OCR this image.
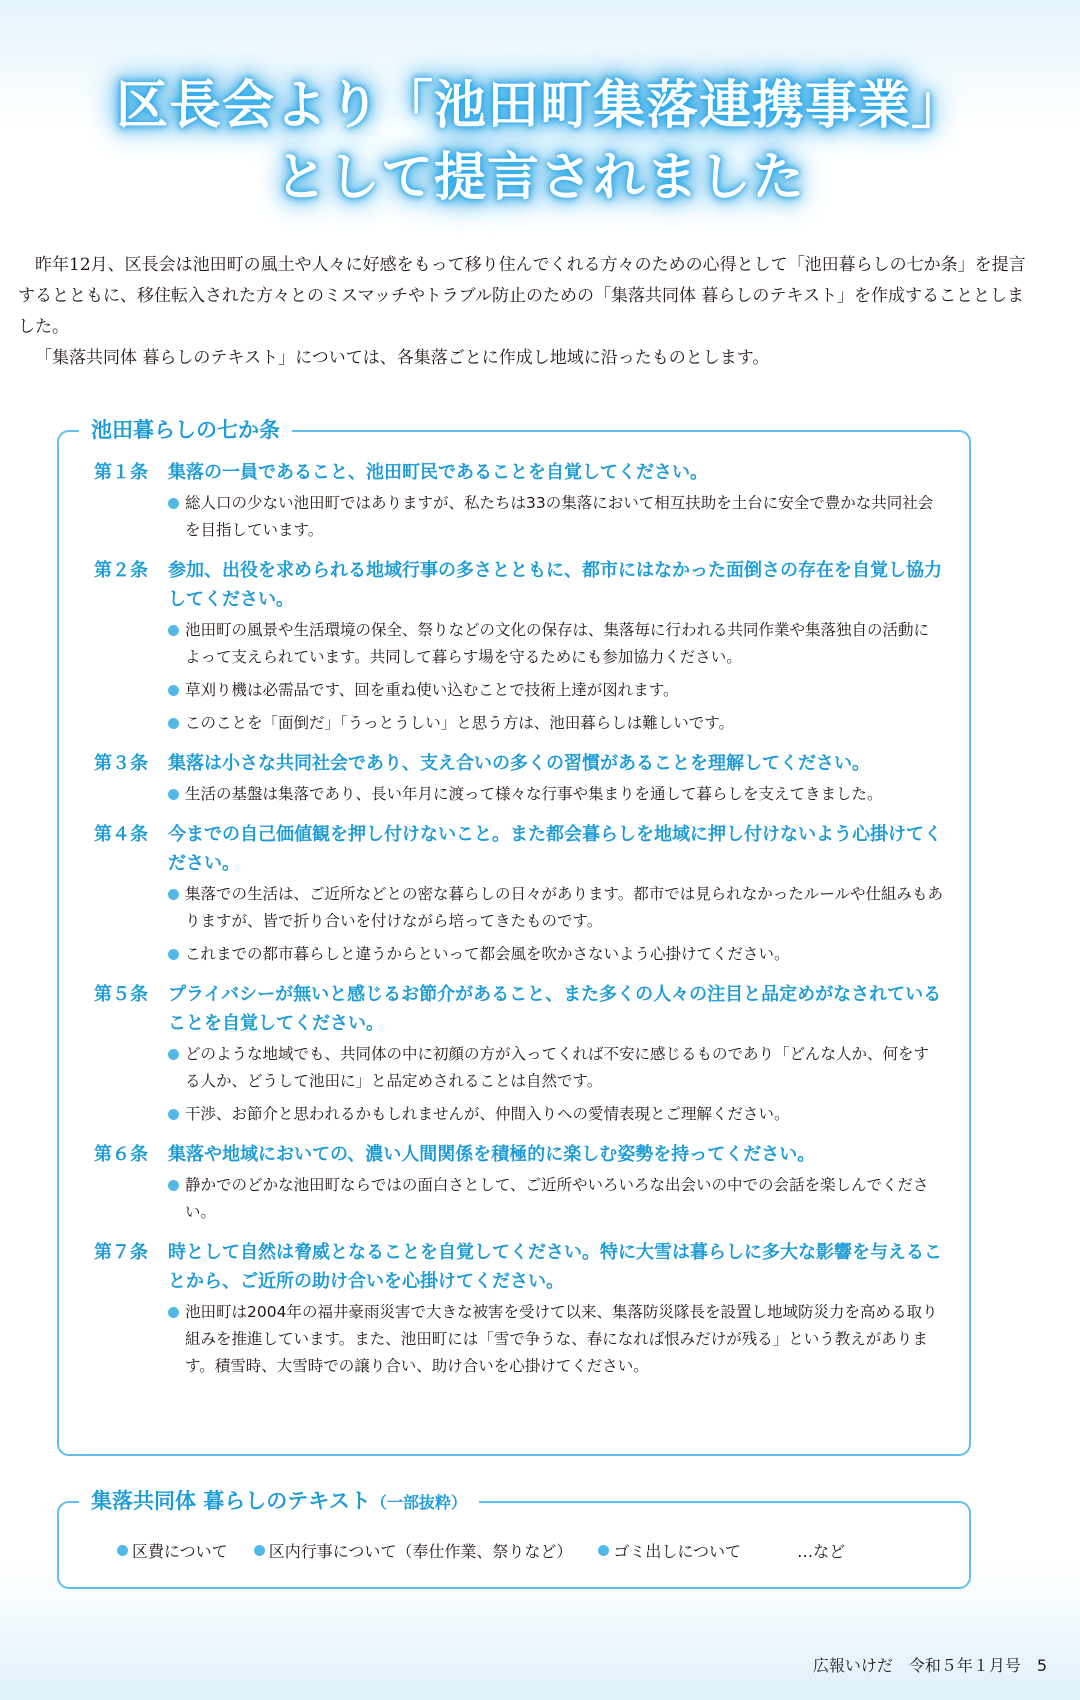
区長会より「池田町集落連携事業」
として提言されました

昨年12月、区長会は池田町の風土や人々に好感をもって移り住んでくれる方々のための心得として「池田暮らしの七か条」を提言するとともに、移住転入された方々とのミスマッチやトラブル防止のための「集落共同体 暮らしのテキスト」を作成することとしました。

「集落共同体 暮らしのテキスト」については、各集落ごとに作成し地域に沿ったものとします。

池田暮らしの七か条
第１条	集落の一員であること、池田町民であることを自覚してください。
総人口の少ない池田町ではありますが、私たちは33の集落において相互扶助を土台に安全で豊かな共同社会を目指しています。
第２条	参加、出役を求められる地域行事の多さとともに、都市にはなかった面倒さの存在を自覚し協力してください。
池田町の風景や生活環境の保全、祭りなどの文化の保存は、集落毎に行われる共同作業や集落独自の活動によって支えられています。共同して暮らす場を守るためにも参加協力ください。
草刈り機は必需品です、回を重ね使い込むことで技術上達が図れます。
このことを「面倒だ」「うっとうしい」と思う方は、池田暮らしは難しいです。
第３条	集落は小さな共同社会であり、支え合いの多くの習慣があることを理解してください。
生活の基盤は集落であり、長い年月に渡って様々な行事や集まりを通して暮らしを支えてきました。
第４条	今までの自己価値観を押し付けないこと。また都会暮らしを地域に押し付けないよう心掛けてください。
集落での生活は、ご近所などとの密な暮らしの日々があります。都市では見られなかったルールや仕組みもありますが、皆で折り合いを付けながら培ってきたものです。
これまでの都市暮らしと違うからといって都会風を吹かさないよう心掛けてください。
第５条	プライバシーが無いと感じるお節介があること、また多くの人々の注目と品定めがなされていることを自覚してください。
どのような地域でも、共同体の中に初顔の方が入ってくれば不安に感じるものであり「どんな人か、何をする人か、どうして池田に」と品定めされることは自然です。
干渉、お節介と思われるかもしれませんが、仲間入りへの愛情表現とご理解ください。
第６条	集落や地域においての、濃い人間関係を積極的に楽しむ姿勢を持ってください。
静かでのどかな池田町ならではの面白さとして、ご近所やいろいろな出会いの中での会話を楽しんでください。
第７条	時として自然は脅威となることを自覚してください。特に大雪は暮らしに多大な影響を与えることから、ご近所の助け合いを心掛けてください。
池田町は2004年の福井豪雨災害で大きな被害を受けて以来、集落防災隊長を設置し地域防災力を高める取り組みを推進しています。また、池田町には「雪で争うな、春になれば恨みだけが残る」という教えがあります。積雪時、大雪時での譲り合い、助け合いを心掛けてください。
集落共同体 暮らしのテキスト（一部抜粋）
区費について	区内行事について（奉仕作業、祭りなど）	ゴミ出しについて	…など
広報いけだ　令和５年１月号　5
